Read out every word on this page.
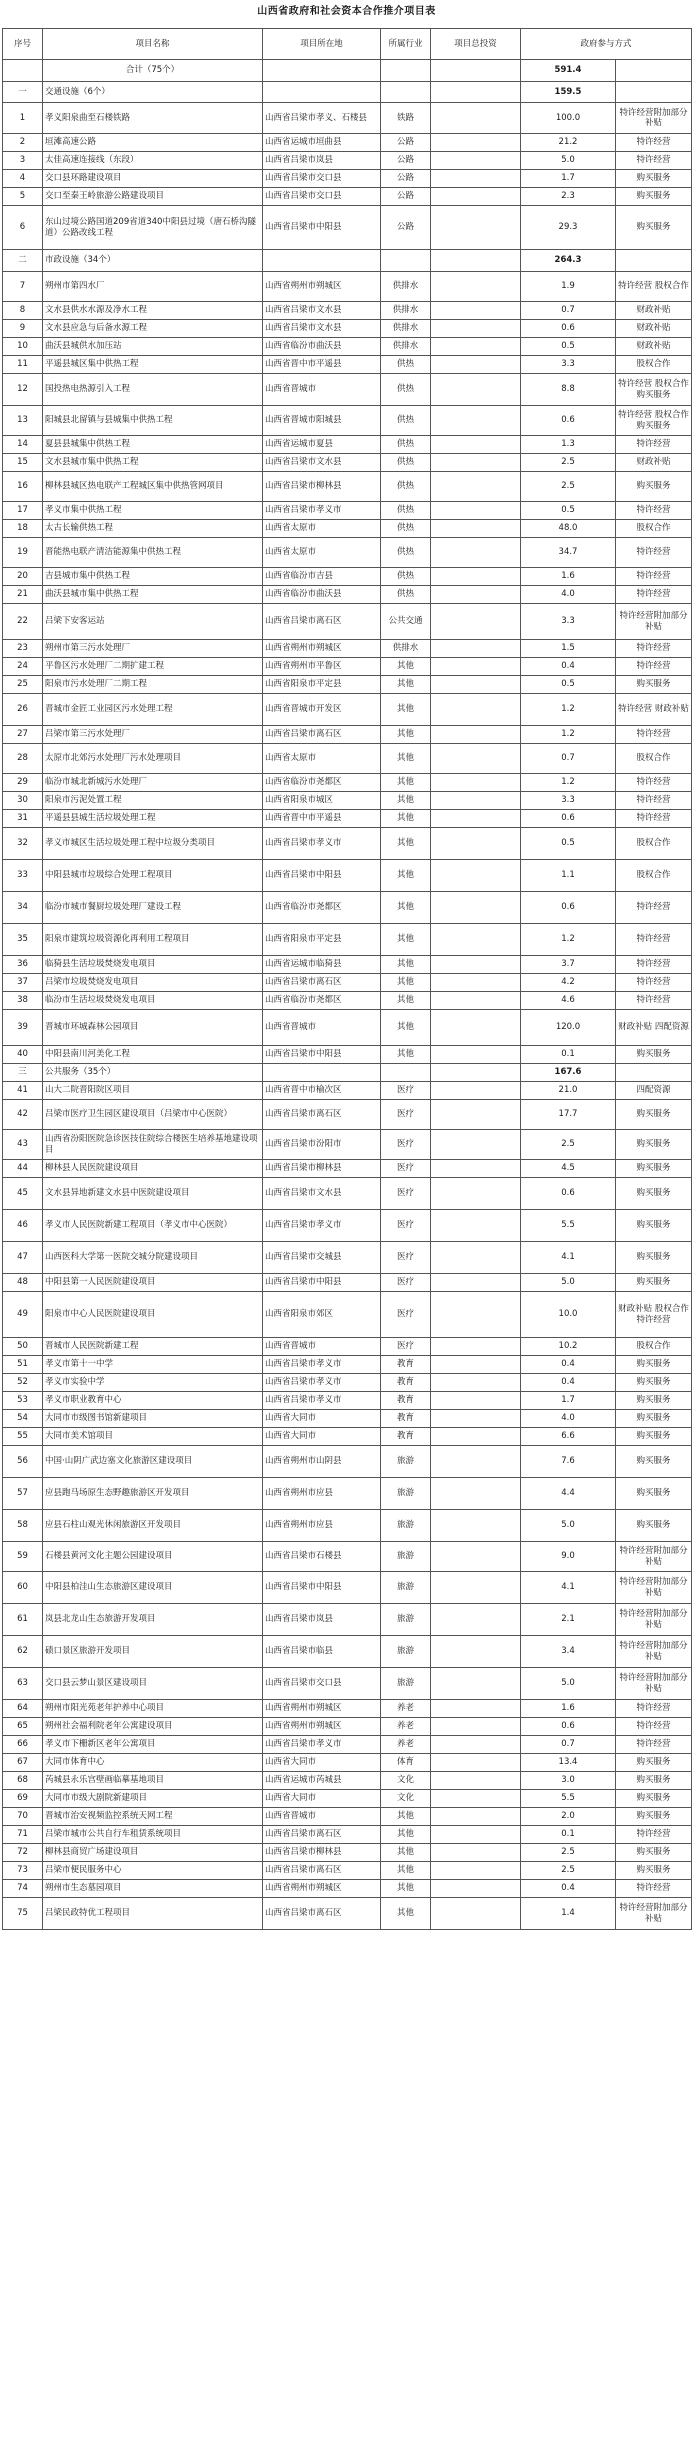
山西省政府和社会资本合作推介项目表
序号	项目名称	项目所在地	所属行业	项目总投资	政府参与方式	
	合计（75个）				591.4	
一	交通设施（6个）				159.5	
1	孝义阳泉曲至石楼铁路	山西省吕梁市孝义、石楼县	铁路		100.0	特许经营附加部分补贴
2	垣滩高速公路	山西省运城市垣曲县	公路		21.2	特许经营
3	太佳高速连接线（东段）	山西省吕梁市岚县	公路		5.0	特许经营
4	交口县环路建设项目	山西省吕梁市交口县	公路		1.7	购买服务
5	交口至秦王岭旅游公路建设项目	山西省吕梁市交口县	公路		2.3	购买服务
6	东山过境公路国道209省道340中阳县过境（唐石桥沟隧道）公路改线工程	山西省吕梁市中阳县	公路		29.3	购买服务
二	市政设施（34个）				264.3	
7	朔州市第四水厂	山西省朔州市朔城区	供排水		1.9	特许经营 股权合作
8	文水县供水水源及净水工程	山西省吕梁市文水县	供排水		0.7	财政补贴
9	文水县应急与后备水源工程	山西省吕梁市文水县	供排水		0.6	财政补贴
10	曲沃县城供水加压站	山西省临汾市曲沃县	供排水		0.5	财政补贴
11	平遥县城区集中供热工程	山西省晋中市平遥县	供热		3.3	股权合作
12	国投热电热源引入工程	山西省晋城市	供热		8.8	特许经营 股权合作 购买服务
13	阳城县北留镇与县城集中供热工程	山西省晋城市阳城县	供热		0.6	特许经营 股权合作 购买服务
14	夏县县城集中供热工程	山西省运城市夏县	供热		1.3	特许经营
15	文水县城市集中供热工程	山西省吕梁市文水县	供热		2.5	财政补贴
16	柳林县城区热电联产工程城区集中供热管网项目	山西省吕梁市柳林县	供热		2.5	购买服务
17	孝义市集中供热工程	山西省吕梁市孝义市	供热		0.5	特许经营
18	太古长输供热工程	山西省太原市	供热		48.0	股权合作
19	晋能热电联产清洁能源集中供热工程	山西省太原市	供热		34.7	特许经营
20	吉县城市集中供热工程	山西省临汾市吉县	供热		1.6	特许经营
21	曲沃县城市集中供热工程	山西省临汾市曲沃县	供热		4.0	特许经营
22	吕梁下安客运站	山西省吕梁市离石区	公共交通		3.3	特许经营附加部分补贴
23	朔州市第三污水处理厂	山西省朔州市朔城区	供排水		1.5	特许经营
24	平鲁区污水处理厂二期扩建工程	山西省朔州市平鲁区	其他		0.4	特许经营
25	阳泉市污水处理厂二期工程	山西省阳泉市平定县	其他		0.5	购买服务
26	晋城市金匠工业园区污水处理工程	山西省晋城市开发区	其他		1.2	特许经营 财政补贴
27	吕梁市第三污水处理厂	山西省吕梁市离石区	其他		1.2	特许经营
28	太原市北郊污水处理厂污水处理项目	山西省太原市	其他		0.7	股权合作
29	临汾市城北新城污水处理厂	山西省临汾市尧都区	其他		1.2	特许经营
30	阳泉市污泥处置工程	山西省阳泉市城区	其他		3.3	特许经营
31	平遥县县城生活垃圾处理工程	山西省晋中市平遥县	其他		0.6	特许经营
32	孝义市城区生活垃圾处理工程中垃圾分类项目	山西省吕梁市孝义市	其他		0.5	股权合作
33	中阳县城市垃圾综合处理工程项目	山西省吕梁市中阳县	其他		1.1	股权合作
34	临汾市城市餐厨垃圾处理厂建设工程	山西省临汾市尧都区	其他		0.6	特许经营
35	阳泉市建筑垃圾资源化再利用工程项目	山西省阳泉市平定县	其他		1.2	特许经营
36	临猗县生活垃圾焚烧发电项目	山西省运城市临猗县	其他		3.7	特许经营
37	吕梁市垃圾焚烧发电项目	山西省吕梁市离石区	其他		4.2	特许经营
38	临汾市生活垃圾焚烧发电项目	山西省临汾市尧都区	其他		4.6	特许经营
39	晋城市环城森林公园项目	山西省晋城市	其他		120.0	财政补贴 四配资源
40	中阳县南川河美化工程	山西省吕梁市中阳县	其他		0.1	购买服务
三	公共服务（35个）				167.6	
41	山大二院晋阳院区项目	山西省晋中市榆次区	医疗		21.0	四配资源
42	吕梁市医疗卫生园区建设项目（吕梁市中心医院）	山西省吕梁市离石区	医疗		17.7	购买服务
43	山西省汾阳医院急诊医技住院综合楼医生培养基地建设项目	山西省吕梁市汾阳市	医疗		2.5	购买服务
44	柳林县人民医院建设项目	山西省吕梁市柳林县	医疗		4.5	购买服务
45	文水县异地新建文水县中医院建设项目	山西省吕梁市文水县	医疗		0.6	购买服务
46	孝义市人民医院新建工程项目（孝义市中心医院）	山西省吕梁市孝义市	医疗		5.5	购买服务
47	山西医科大学第一医院交城分院建设项目	山西省吕梁市交城县	医疗		4.1	购买服务
48	中阳县第一人民医院建设项目	山西省吕梁市中阳县	医疗		5.0	购买服务
49	阳泉市中心人民医院建设项目	山西省阳泉市郊区	医疗		10.0	财政补贴 股权合作 特许经营
50	晋城市人民医院新建工程	山西省晋城市	医疗		10.2	股权合作
51	孝义市第十一中学	山西省吕梁市孝义市	教育		0.4	购买服务
52	孝义市实验中学	山西省吕梁市孝义市	教育		0.4	购买服务
53	孝义市职业教育中心	山西省吕梁市孝义市	教育		1.7	购买服务
54	大同市市级图书馆新建项目	山西省大同市	教育		4.0	购买服务
55	大同市美术馆项目	山西省大同市	教育		6.6	购买服务
56	中国·山阴广武边塞文化旅游区建设项目	山西省朔州市山阴县	旅游		7.6	购买服务
57	应县跑马场原生态野趣旅游区开发项目	山西省朔州市应县	旅游		4.4	购买服务
58	应县石柱山观光休闲旅游区开发项目	山西省朔州市应县	旅游		5.0	购买服务
59	石楼县黄河文化主题公园建设项目	山西省吕梁市石楼县	旅游		9.0	特许经营附加部分补贴
60	中阳县柏洼山生态旅游区建设项目	山西省吕梁市中阳县	旅游		4.1	特许经营附加部分补贴
61	岚县北龙山生态旅游开发项目	山西省吕梁市岚县	旅游		2.1	特许经营附加部分补贴
62	碛口景区旅游开发项目	山西省吕梁市临县	旅游		3.4	特许经营附加部分补贴
63	交口县云梦山景区建设项目	山西省吕梁市交口县	旅游		5.0	特许经营附加部分补贴
64	朔州市阳光苑老年护养中心项目	山西省朔州市朔城区	养老		1.6	特许经营
65	朔州社会福利院老年公寓建设项目	山西省朔州市朔城区	养老		0.6	特许经营
66	孝义市下栅新区老年公寓项目	山西省吕梁市孝义市	养老		0.7	特许经营
67	大同市体育中心	山西省大同市	体育		13.4	购买服务
68	芮城县永乐宫壁画临摹基地项目	山西省运城市芮城县	文化		3.0	购买服务
69	大同市市级大剧院新建项目	山西省大同市	文化		5.5	购买服务
70	晋城市治安视频监控系统天网工程	山西省晋城市	其他		2.0	购买服务
71	吕梁市城市公共自行车租赁系统项目	山西省吕梁市离石区	其他		0.1	特许经营
72	柳林县商贸广场建设项目	山西省吕梁市柳林县	其他		2.5	购买服务
73	吕梁市便民服务中心	山西省吕梁市离石区	其他		2.5	购买服务
74	朔州市生态墓园项目	山西省朔州市朔城区	其他		0.4	特许经营
75	吕梁民政特优工程项目	山西省吕梁市离石区	其他		1.4	特许经营附加部分补贴
